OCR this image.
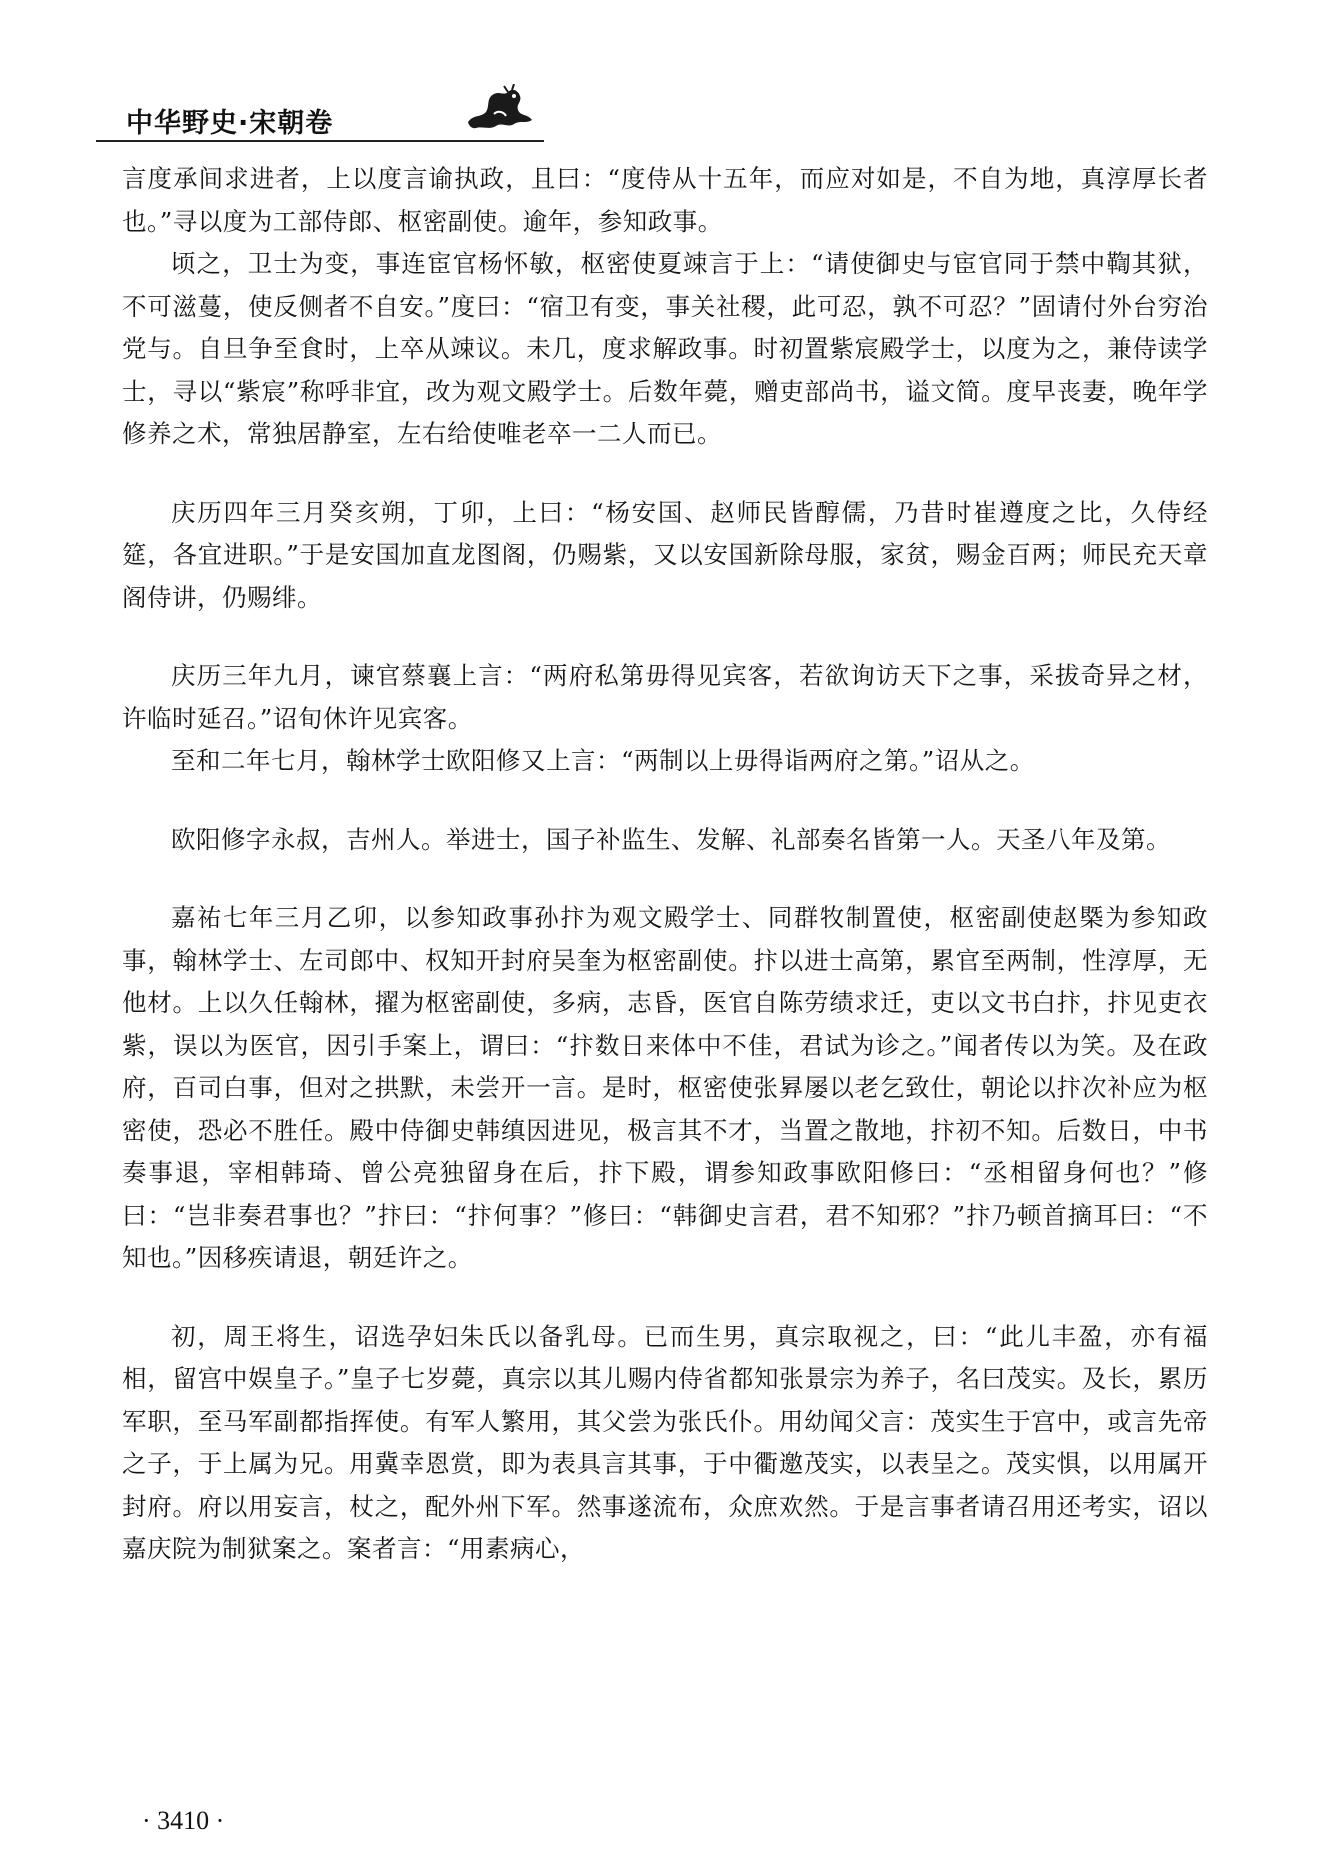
中华野史·宋朝卷

言度承间求进者，上以度言谕执政，且曰：“度侍从十五年，而应对如是，不自为地，真淳厚长者也。”寻以度为工部侍郎、枢密副使。逾年，参知政事。

顷之，卫士为变，事连宦官杨怀敏，枢密使夏竦言于上：“请使御史与宦官同于禁中鞫其狱，不可滋蔓，使反侧者不自安。”度曰：“宿卫有变，事关社稷，此可忍，孰不可忍？”固请付外台穷治党与。自旦争至食时，上卒从竦议。未几，度求解政事。时初置紫宸殿学士，以度为之，兼侍读学士，寻以“紫宸”称呼非宜，改为观文殿学士。后数年薨，赠吏部尚书，谥文简。度早丧妻，晚年学修养之术，常独居静室，左右给使唯老卒一二人而已。

庆历四年三月癸亥朔，丁卯，上曰：“杨安国、赵师民皆醇儒，乃昔时崔遵度之比，久侍经筵，各宜进职。”于是安国加直龙图阁，仍赐紫，又以安国新除母服，家贫，赐金百两；师民充天章阁侍讲，仍赐绯。

庆历三年九月，谏官蔡襄上言：“两府私第毋得见宾客，若欲询访天下之事，采拔奇异之材，许临时延召。”诏旬休许见宾客。

至和二年七月，翰林学士欧阳修又上言：“两制以上毋得诣两府之第。”诏从之。

欧阳修字永叔，吉州人。举进士，国子补监生、发解、礼部奏名皆第一人。天圣八年及第。

嘉祐七年三月乙卯，以参知政事孙抃为观文殿学士、同群牧制置使，枢密副使赵槩为参知政事，翰林学士、左司郎中、权知开封府吴奎为枢密副使。抃以进士高第，累官至两制，性淳厚，无他材。上以久任翰林，擢为枢密副使，多病，志昏，医官自陈劳绩求迁，吏以文书白抃，抃见吏衣紫，误以为医官，因引手案上，谓曰：“抃数日来体中不佳，君试为诊之。”闻者传以为笑。及在政府，百司白事，但对之拱默，未尝开一言。是时，枢密使张昪屡以老乞致仕，朝论以抃次补应为枢密使，恐必不胜任。殿中侍御史韩缜因进见，极言其不才，当置之散地，抃初不知。后数日，中书奏事退，宰相韩琦、曾公亮独留身在后，抃下殿，谓参知政事欧阳修曰：“丞相留身何也？”修曰：“岂非奏君事也？”抃曰：“抃何事？”修曰：“韩御史言君，君不知邪？”抃乃顿首摘耳曰：“不知也。”因移疾请退，朝廷许之。

初，周王将生，诏选孕妇朱氏以备乳母。已而生男，真宗取视之，曰：“此儿丰盈，亦有福相，留宫中娱皇子。”皇子七岁薨，真宗以其儿赐内侍省都知张景宗为养子，名曰茂实。及长，累历军职，至马军副都指挥使。有军人繁用，其父尝为张氏仆。用幼闻父言：茂实生于宫中，或言先帝之子，于上属为兄。用冀幸恩赏，即为表具言其事，于中衢邀茂实，以表呈之。茂实惧，以用属开封府。府以用妄言，杖之，配外州下军。然事遂流布，众庶欢然。于是言事者请召用还考实，诏以嘉庆院为制狱案之。案者言：“用素病心，

· 3410 ·
